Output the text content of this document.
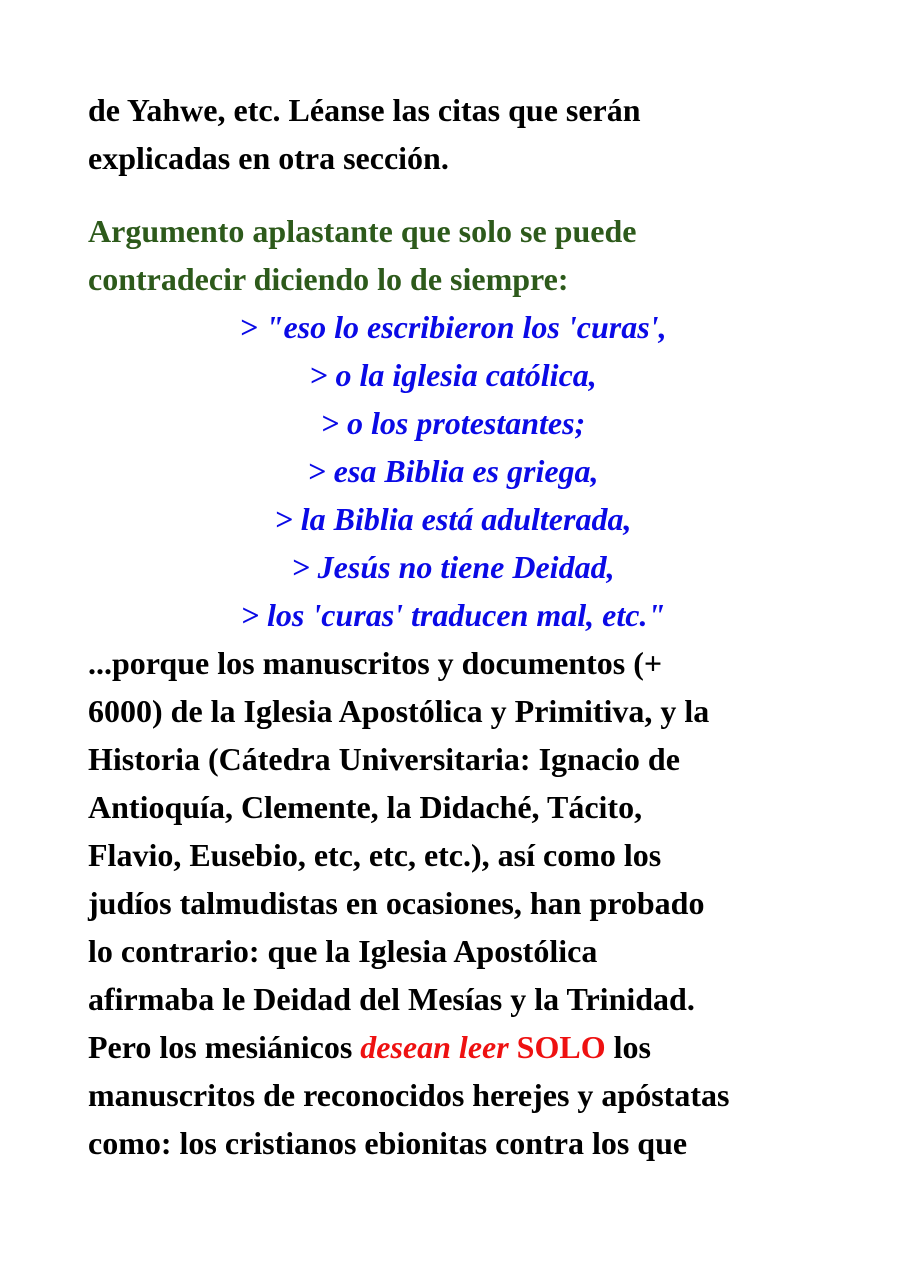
de Yahwe, etc. Léanse las citas que serán
explicadas en otra sección.
Argumento aplastante que solo se puede
contradecir diciendo lo de siempre:
> "eso lo escribieron los 'curas',
> o la iglesia católica,
> o los protestantes;
> esa Biblia es griega,
> la Biblia está adulterada,
> Jesús no tiene Deidad,
> los 'curas' traducen mal, etc."
...porque los manuscritos y documentos (+
6000) de la Iglesia Apostólica y Primitiva, y la
Historia (Cátedra Universitaria: Ignacio de
Antioquía, Clemente, la Didaché, Tácito,
Flavio, Eusebio, etc, etc, etc.), así como los
judíos talmudistas en ocasiones, han probado
lo contrario: que la Iglesia Apostólica
afirmaba le Deidad del Mesías y la Trinidad.
Pero los mesiánicos desean leer SOLO los
manuscritos de reconocidos herejes y apóstatas
como: los cristianos ebionitas contra los que
